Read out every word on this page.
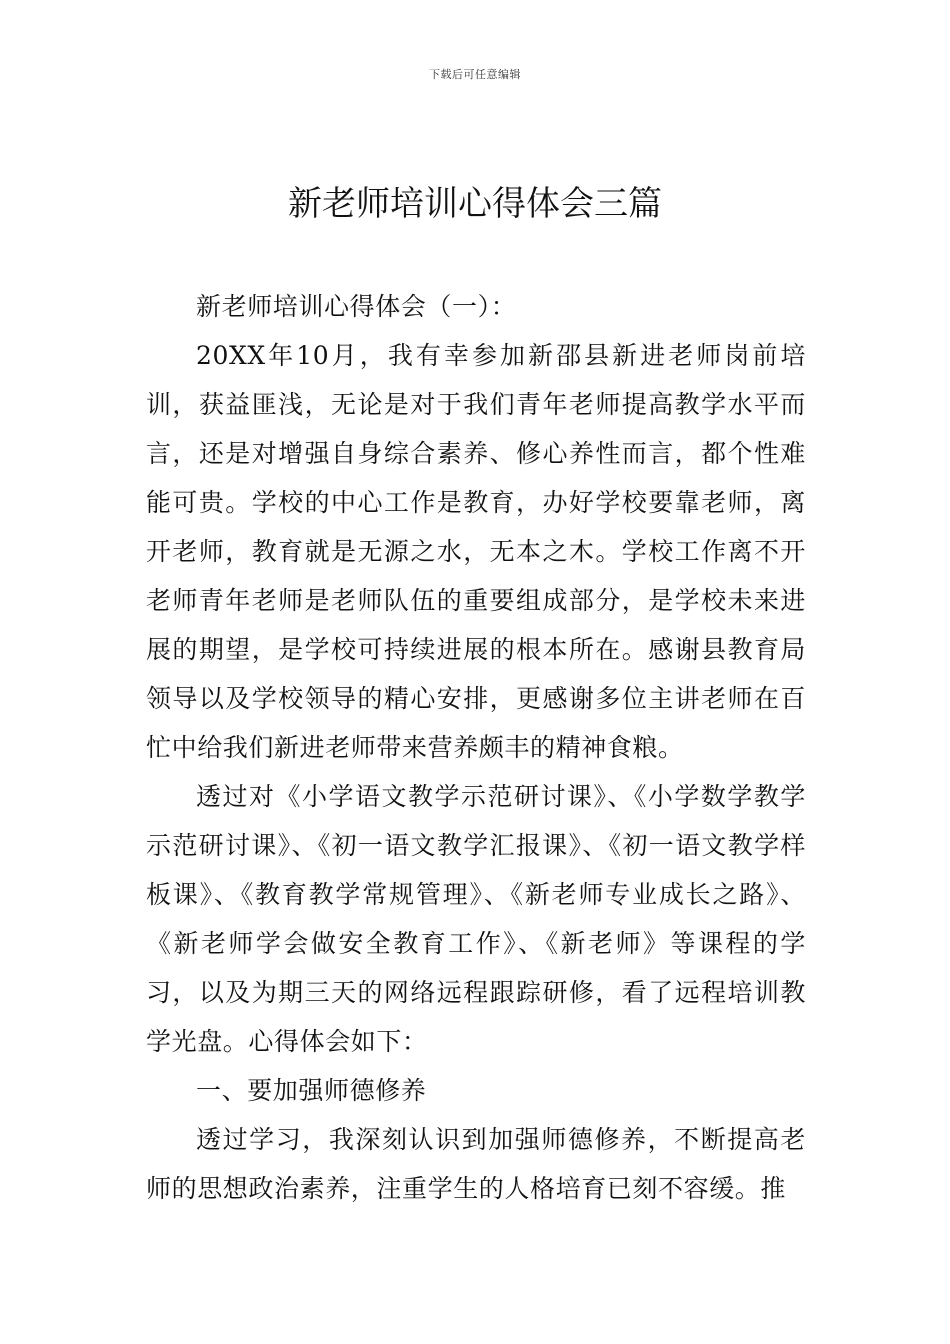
下载后可任意编辑
新老师培训心得体会三篇

新老师培训心得体会（一）：

20XX年10月，我有幸参加新邵县新进老师岗前培训，获益匪浅，无论是对于我们青年老师提高教学水平而言，还是对增强自身综合素养、修心养性而言，都个性难能可贵。学校的中心工作是教育，办好学校要靠老师，离开老师，教育就是无源之水，无本之木。学校工作离不开老师青年老师是老师队伍的重要组成部分，是学校未来进展的期望，是学校可持续进展的根本所在。感谢县教育局领导以及学校领导的精心安排，更感谢多位主讲老师在百忙中给我们新进老师带来营养颇丰的精神食粮。

透过对《小学语文教学示范研讨课》、《小学数学教学示范研讨课》、《初一语文教学汇报课》、《初一语文教学样板课》、《教育教学常规管理》、《新老师专业成长之路》、《新老师学会做安全教育工作》、《新老师》等课程的学习，以及为期三天的网络远程跟踪研修，看了远程培训教学光盘。心得体会如下：

一、要加强师德修养

透过学习，我深刻认识到加强师德修养，不断提高老师的思想政治素养，注重学生的人格培育已刻不容缓。推
